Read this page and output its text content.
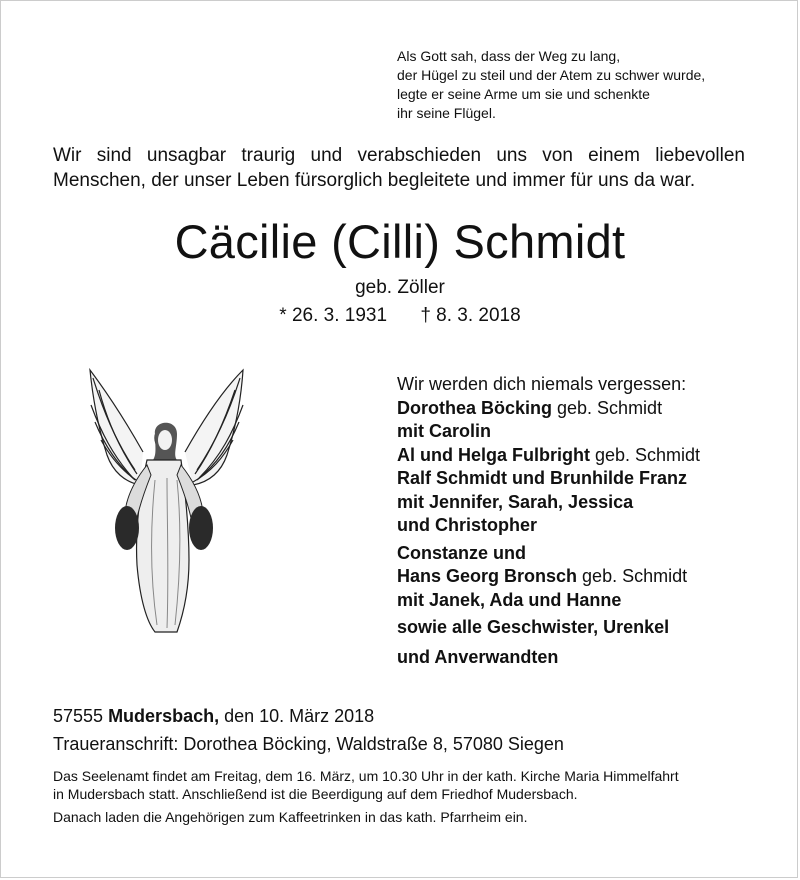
Als Gott sah, dass der Weg zu lang,
der Hügel zu steil und der Atem zu schwer wurde,
legte er seine Arme um sie und schenkte
ihr seine Flügel.
Wir sind unsagbar traurig und verabschieden uns von einem liebevollen
Menschen, der unser Leben fürsorglich begleitete und immer für uns da war.
Cäcilie (Cilli) Schmidt
geb. Zöller
* 26. 3. 1931 † 8. 3. 2018
Wir werden dich niemals vergessen:
Dorothea Böcking geb. Schmidt
mit Carolin
Al und Helga Fulbright geb. Schmidt
Ralf Schmidt und Brunhilde Franz
mit Jennifer, Sarah, Jessica
und Christopher
Constanze und
Hans Georg Bronsch geb. Schmidt
mit Janek, Ada und Hanne
sowie alle Geschwister, Urenkel
und Anverwandten
57555 Mudersbach, den 10. März 2018
Traueranschrift: Dorothea Böcking, Waldstraße 8, 57080 Siegen
Das Seelenamt findet am Freitag, dem 16. März, um 10.30 Uhr in der kath. Kirche Maria Himmelfahrt
in Mudersbach statt. Anschließend ist die Beerdigung auf dem Friedhof Mudersbach.
Danach laden die Angehörigen zum Kaffeetrinken in das kath. Pfarrheim ein.
